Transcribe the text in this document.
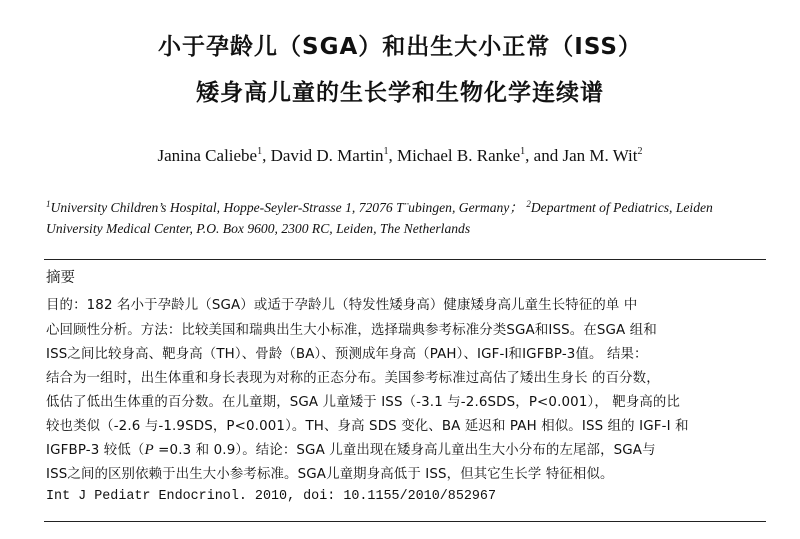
小于孕龄儿（SGA）和出生大小正常（ISS）
矮身高儿童的生长学和生物化学连续谱
Janina Caliebe$^1$, David D. Martin$^1$, Michael B. Ranke$^1$, and Jan M. Wit$^2$
$^1$University Children’s Hospital, Hoppe-Seyler-Strasse 1, 72076 T¨ubingen, Germany； $^2$Department of Pediatrics, Leiden
University Medical Center, P.O. Box 9600, 2300 RC, Leiden, The Netherlands
摘要
目的：182 名小于孕龄儿（SGA）或适于孕龄儿（特发性矮身高）健康矮身高儿童生长特征的单 中
心回顾性分析。方法：比较美国和瑞典出生大小标准，选择瑞典参考标准分类SGA和ISS。在SGA 组和
ISS之间比较身高、靶身高（TH）、骨龄（BA）、预测成年身高（PAH）、IGF-I和IGFBP-3值。 结果：
结合为一组时，出生体重和身长表现为对称的正态分布。美国参考标准过高估了矮出生身长 的百分数，
低估了低出生体重的百分数。在儿童期，SGA 儿童矮于 ISS（-3.1 与-2.6SDS，P<0.001）， 靶身高的比
较也类似（-2.6 与-1.9SDS，P<0.001）。TH、身高 SDS 变化、BA 延迟和 PAH 相似。ISS 组的 IGF-I 和
IGFBP-3 较低（P =0.3 和 0.9）。结论：SGA 儿童出现在矮身高儿童出生大小分布的左尾部，SGA与
ISS之间的区别依赖于出生大小参考标准。SGA儿童期身高低于 ISS，但其它生长学 特征相似。
Int J Pediatr Endocrinol. 2010, doi: 10.1155/2010/852967
